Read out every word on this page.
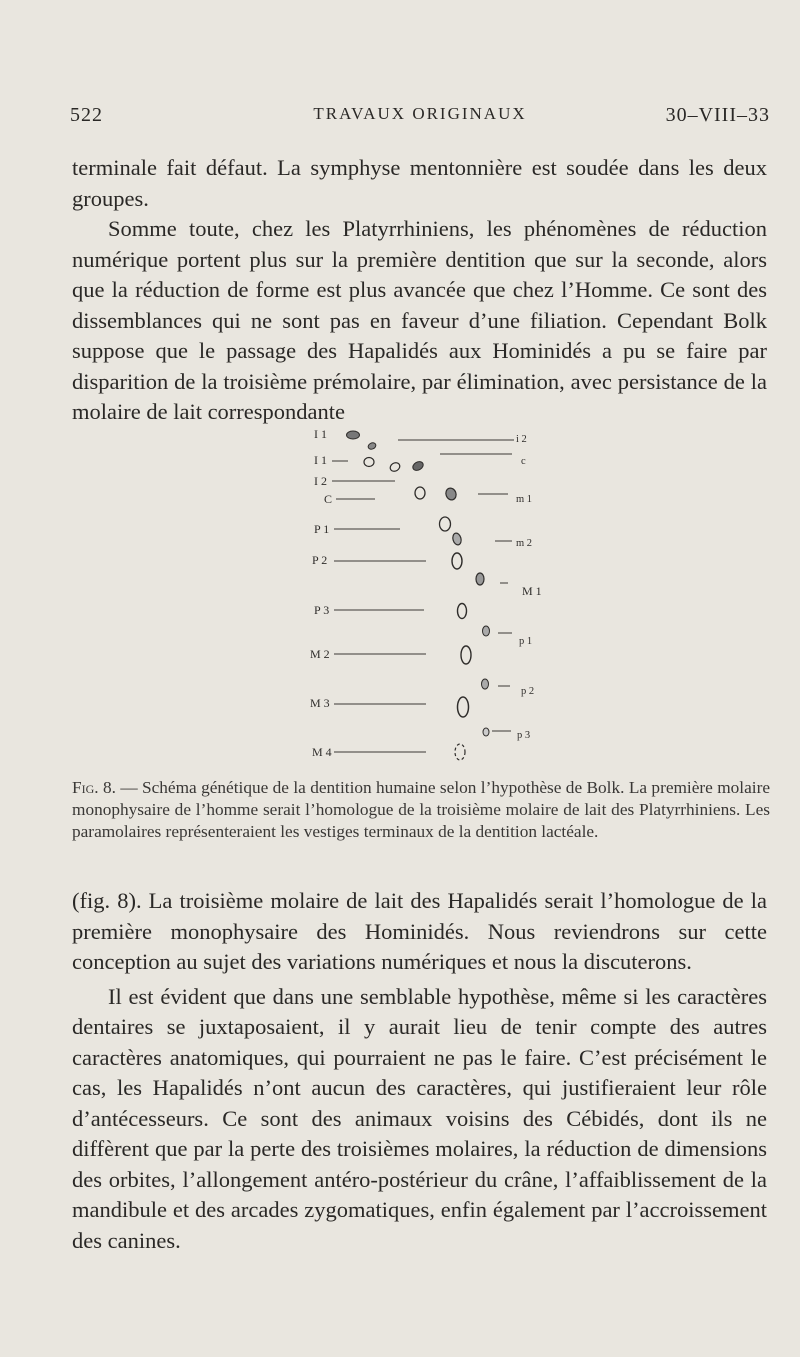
522	TRAVAUX ORIGINAUX	30–VIII–33

terminale fait défaut. La symphyse mentonnière est soudée dans les deux groupes.

Somme toute, chez les Platyrrhiniens, les phénomènes de réduction numérique portent plus sur la première dentition que sur la seconde, alors que la réduction de forme est plus avancée que chez l’Homme. Ce sont des dissemblances qui ne sont pas en faveur d’une filiation. Cependant Bolk suppose que le passage des Hapalidés aux Hominidés a pu se faire par disparition de la troisième prémolaire, par élimination, avec persistance de la molaire de lait correspondante

I 1
I 1
I 2
C
P 1
P 2
P 3
M 2
M 3
M 4
i 2
c
m 1
m 2
M 1
p 1
p 2
p 3
Fig. 8. — Schéma génétique de la dentition humaine selon l’hypothèse de Bolk. La première molaire monophysaire de l’homme serait l’homologue de la troisième molaire de lait des Platyrrhiniens. Les paramolaires représenteraient les vestiges terminaux de la dentition lactéale.

(fig. 8). La troisième molaire de lait des Hapalidés serait l’homologue de la première monophysaire des Hominidés. Nous reviendrons sur cette conception au sujet des variations numériques et nous la discuterons.

Il est évident que dans une semblable hypothèse, même si les caractères dentaires se juxtaposaient, il y aurait lieu de tenir compte des autres caractères anatomiques, qui pourraient ne pas le faire. C’est précisément le cas, les Hapalidés n’ont aucun des caractères, qui justifieraient leur rôle d’antécesseurs. Ce sont des animaux voisins des Cébidés, dont ils ne diffèrent que par la perte des troisièmes molaires, la réduction de dimensions des orbites, l’allongement antéro-postérieur du crâne, l’affaiblissement de la mandibule et des arcades zygomatiques, enfin également par l’accroissement des canines.
